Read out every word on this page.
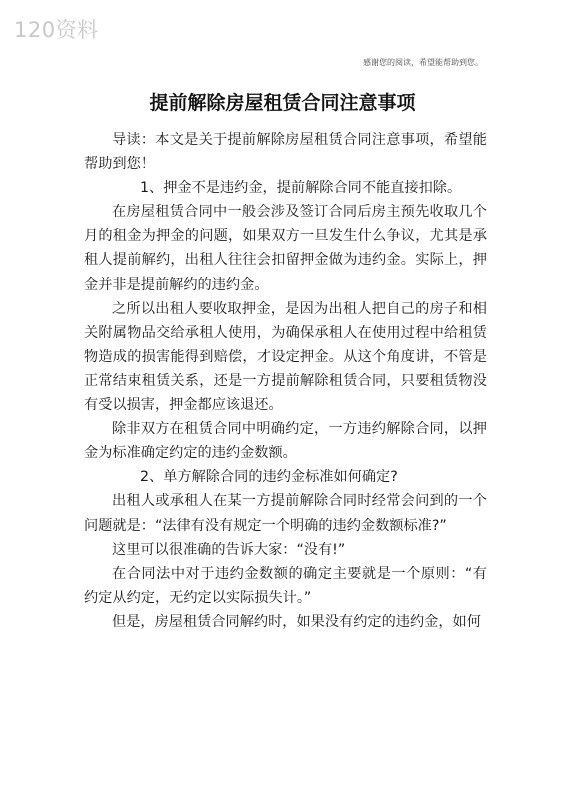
120资料
感谢您的阅读，希望能帮助到您。
提前解除房屋租赁合同注意事项

导读：本文是关于提前解除房屋租赁合同注意事项，希望能帮助到您！

1、押金不是违约金，提前解除合同不能直接扣除。

在房屋租赁合同中一般会涉及签订合同后房主预先收取几个月的租金为押金的问题，如果双方一旦发生什么争议，尤其是承租人提前解约，出租人往往会扣留押金做为违约金。实际上，押金并非是提前解约的违约金。

之所以出租人要收取押金，是因为出租人把自己的房子和相关附属物品交给承租人使用，为确保承租人在使用过程中给租赁物造成的损害能得到赔偿，才设定押金。从这个角度讲，不管是正常结束租赁关系，还是一方提前解除租赁合同，只要租赁物没有受以损害，押金都应该退还。

除非双方在租赁合同中明确约定，一方违约解除合同，以押金为标准确定约定的违约金数额。

2、单方解除合同的违约金标准如何确定?

出租人或承租人在某一方提前解除合同时经常会问到的一个问题就是：“法律有没有规定一个明确的违约金数额标准?”

这里可以很准确的告诉大家：“没有!”

在合同法中对于违约金数额的确定主要就是一个原则：“有约定从约定，无约定以实际损失计。”

但是，房屋租赁合同解约时，如果没有约定的违约金，如何
